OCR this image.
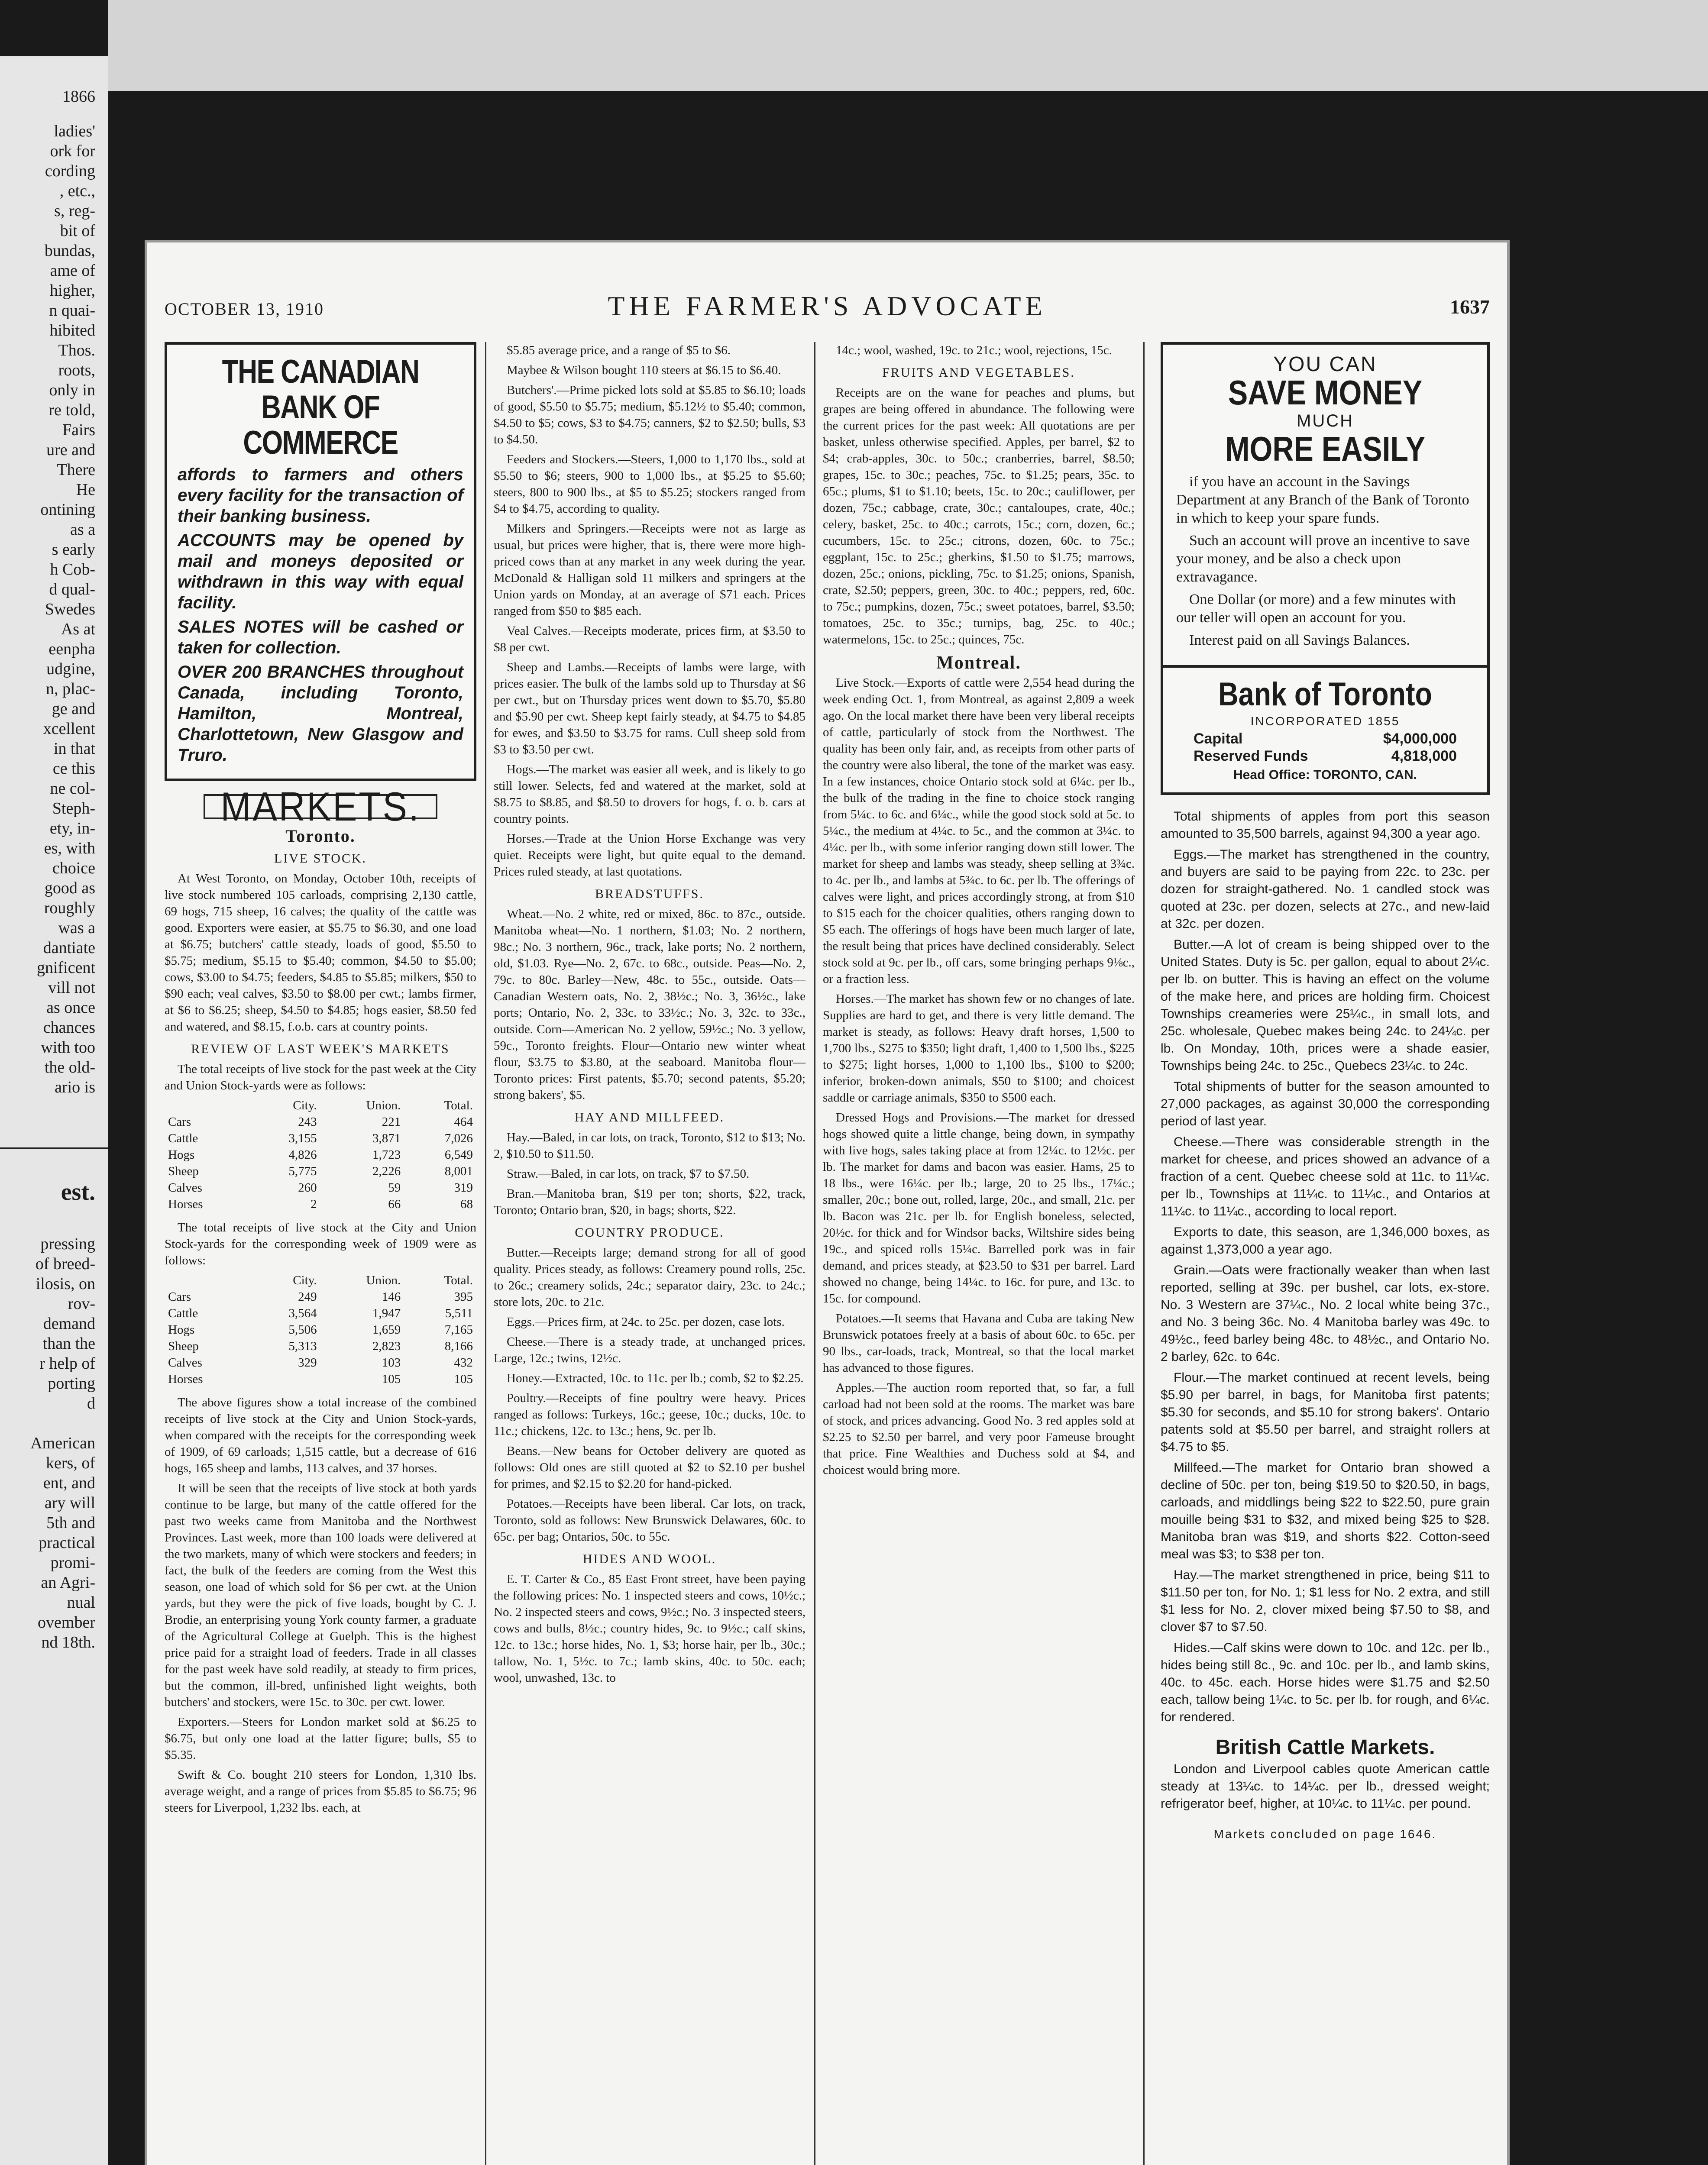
1866
ladies'
ork for
cording
, etc.,
s, reg-
bit of
bundas,
ame of
higher,
n quai-
hibited
Thos.
roots,
only in
re told,
Fairs
ure and
There
He
ontining
as a
s early
h Cob-
d qual-
Swedes
As at
eenpha
udgine,
n, plac-
ge and
xcellent
in that
ce this
ne col-
Steph-
ety, in-
es, with
choice
good as
roughly
was a
dantiate
gnificent
vill not
as once
chances
with too
the old-
ario is
est.
pressing
of breed-
ilosis, on
rov-
demand
than the
r help of
porting
d
American
kers, of
ent, and
ary will
5th and
practical
promi-
an Agri-
nual
ovember
nd 18th.
OCTOBER 13, 1910	THE FARMER'S ADVOCATE	1637
THE CANADIAN BANK OF COMMERCE

affords to farmers and others every facility for the transaction of their banking business.

ACCOUNTS may be opened by mail and moneys deposited or withdrawn in this way with equal facility.

SALES NOTES will be cashed or taken for collection.

OVER 200 BRANCHES throughout Canada, including Toronto, Hamilton, Montreal, Charlottetown, New Glasgow and Truro.

MARKETS.
Toronto.
LIVE STOCK.

At West Toronto, on Monday, October 10th, receipts of live stock numbered 105 carloads, comprising 2,130 cattle, 69 hogs, 715 sheep, 16 calves; the quality of the cattle was good. Exporters were easier, at $5.75 to $6.30, and one load at $6.75; butchers' cattle steady, loads of good, $5.50 to $5.75; medium, $5.15 to $5.40; common, $4.50 to $5.00; cows, $3.00 to $4.75; feeders, $4.85 to $5.85; milkers, $50 to $90 each; veal calves, $3.50 to $8.00 per cwt.; lambs firmer, at $6 to $6.25; sheep, $4.50 to $4.85; hogs easier, $8.50 fed and watered, and $8.15, f.o.b. cars at country points.

REVIEW OF LAST WEEK'S MARKETS

The total receipts of live stock for the past week at the City and Union Stock-yards were as follows:

	City.	Union.	Total.
Cars	243	221	464
Cattle	3,155	3,871	7,026
Hogs	4,826	1,723	6,549
Sheep	5,775	2,226	8,001
Calves	260	59	319
Horses	2	66	68

The total receipts of live stock at the City and Union Stock-yards for the corresponding week of 1909 were as follows:

	City.	Union.	Total.
Cars	249	146	395
Cattle	3,564	1,947	5,511
Hogs	5,506	1,659	7,165
Sheep	5,313	2,823	8,166
Calves	329	103	432
Horses		105	105

The above figures show a total increase of the combined receipts of live stock at the City and Union Stock-yards, when compared with the receipts for the corresponding week of 1909, of 69 carloads; 1,515 cattle, but a decrease of 616 hogs, 165 sheep and lambs, 113 calves, and 37 horses.

It will be seen that the receipts of live stock at both yards continue to be large, but many of the cattle offered for the past two weeks came from Manitoba and the Northwest Provinces. Last week, more than 100 loads were delivered at the two markets, many of which were stockers and feeders; in fact, the bulk of the feeders are coming from the West this season, one load of which sold for $6 per cwt. at the Union yards, but they were the pick of five loads, bought by C. J. Brodie, an enterprising young York county farmer, a graduate of the Agricultural College at Guelph. This is the highest price paid for a straight load of feeders. Trade in all classes for the past week have sold readily, at steady to firm prices, but the common, ill-bred, unfinished light weights, both butchers' and stockers, were 15c. to 30c. per cwt. lower.

Exporters.—Steers for London market sold at $6.25 to $6.75, but only one load at the latter figure; bulls, $5 to $5.35.

Swift & Co. bought 210 steers for London, 1,310 lbs. average weight, and a range of prices from $5.85 to $6.75; 96 steers for Liverpool, 1,232 lbs. each, at

$5.85 average price, and a range of $5 to $6.

Maybee & Wilson bought 110 steers at $6.15 to $6.40.

Butchers'.—Prime picked lots sold at $5.85 to $6.10; loads of good, $5.50 to $5.75; medium, $5.12½ to $5.40; common, $4.50 to $5; cows, $3 to $4.75; canners, $2 to $2.50; bulls, $3 to $4.50.

Feeders and Stockers.—Steers, 1,000 to 1,170 lbs., sold at $5.50 to $6; steers, 900 to 1,000 lbs., at $5.25 to $5.60; steers, 800 to 900 lbs., at $5 to $5.25; stockers ranged from $4 to $4.75, according to quality.

Milkers and Springers.—Receipts were not as large as usual, but prices were higher, that is, there were more high-priced cows than at any market in any week during the year. McDonald & Halligan sold 11 milkers and springers at the Union yards on Monday, at an average of $71 each. Prices ranged from $50 to $85 each.

Veal Calves.—Receipts moderate, prices firm, at $3.50 to $8 per cwt.

Sheep and Lambs.—Receipts of lambs were large, with prices easier. The bulk of the lambs sold up to Thursday at $6 per cwt., but on Thursday prices went down to $5.70, $5.80 and $5.90 per cwt. Sheep kept fairly steady, at $4.75 to $4.85 for ewes, and $3.50 to $3.75 for rams. Cull sheep sold from $3 to $3.50 per cwt.

Hogs.—The market was easier all week, and is likely to go still lower. Selects, fed and watered at the market, sold at $8.75 to $8.85, and $8.50 to drovers for hogs, f. o. b. cars at country points.

Horses.—Trade at the Union Horse Exchange was very quiet. Receipts were light, but quite equal to the demand. Prices ruled steady, at last quotations.

BREADSTUFFS.

Wheat.—No. 2 white, red or mixed, 86c. to 87c., outside. Manitoba wheat—No. 1 northern, $1.03; No. 2 northern, 98c.; No. 3 northern, 96c., track, lake ports; No. 2 northern, old, $1.03. Rye—No. 2, 67c. to 68c., outside. Peas—No. 2, 79c. to 80c. Barley—New, 48c. to 55c., outside. Oats—Canadian Western oats, No. 2, 38½c.; No. 3, 36½c., lake ports; Ontario, No. 2, 33c. to 33½c.; No. 3, 32c. to 33c., outside. Corn—American No. 2 yellow, 59½c.; No. 3 yellow, 59c., Toronto freights. Flour—Ontario new winter wheat flour, $3.75 to $3.80, at the seaboard. Manitoba flour—Toronto prices: First patents, $5.70; second patents, $5.20; strong bakers', $5.

HAY AND MILLFEED.

Hay.—Baled, in car lots, on track, Toronto, $12 to $13; No. 2, $10.50 to $11.50.

Straw.—Baled, in car lots, on track, $7 to $7.50.

Bran.—Manitoba bran, $19 per ton; shorts, $22, track, Toronto; Ontario bran, $20, in bags; shorts, $22.

COUNTRY PRODUCE.

Butter.—Receipts large; demand strong for all of good quality. Prices steady, as follows: Creamery pound rolls, 25c. to 26c.; creamery solids, 24c.; separator dairy, 23c. to 24c.; store lots, 20c. to 21c.

Eggs.—Prices firm, at 24c. to 25c. per dozen, case lots.

Cheese.—There is a steady trade, at unchanged prices. Large, 12c.; twins, 12½c.

Honey.—Extracted, 10c. to 11c. per lb.; comb, $2 to $2.25.

Poultry.—Receipts of fine poultry were heavy. Prices ranged as follows: Turkeys, 16c.; geese, 10c.; ducks, 10c. to 11c.; chickens, 12c. to 13c.; hens, 9c. per lb.

Beans.—New beans for October delivery are quoted as follows: Old ones are still quoted at $2 to $2.10 per bushel for primes, and $2.15 to $2.20 for hand-picked.

Potatoes.—Receipts have been liberal. Car lots, on track, Toronto, sold as follows: New Brunswick Delawares, 60c. to 65c. per bag; Ontarios, 50c. to 55c.

HIDES AND WOOL.

E. T. Carter & Co., 85 East Front street, have been paying the following prices: No. 1 inspected steers and cows, 10½c.; No. 2 inspected steers and cows, 9½c.; No. 3 inspected steers, cows and bulls, 8½c.; country hides, 9c. to 9½c.; calf skins, 12c. to 13c.; horse hides, No. 1, $3; horse hair, per lb., 30c.; tallow, No. 1, 5½c. to 7c.; lamb skins, 40c. to 50c. each; wool, unwashed, 13c. to

14c.; wool, washed, 19c. to 21c.; wool, rejections, 15c.

FRUITS AND VEGETABLES.

Receipts are on the wane for peaches and plums, but grapes are being offered in abundance. The following were the current prices for the past week: All quotations are per basket, unless otherwise specified. Apples, per barrel, $2 to $4; crab-apples, 30c. to 50c.; cranberries, barrel, $8.50; grapes, 15c. to 30c.; peaches, 75c. to $1.25; pears, 35c. to 65c.; plums, $1 to $1.10; beets, 15c. to 20c.; cauliflower, per dozen, 75c.; cabbage, crate, 30c.; cantaloupes, crate, 40c.; celery, basket, 25c. to 40c.; carrots, 15c.; corn, dozen, 6c.; cucumbers, 15c. to 25c.; citrons, dozen, 60c. to 75c.; eggplant, 15c. to 25c.; gherkins, $1.50 to $1.75; marrows, dozen, 25c.; onions, pickling, 75c. to $1.25; onions, Spanish, crate, $2.50; peppers, green, 30c. to 40c.; peppers, red, 60c. to 75c.; pumpkins, dozen, 75c.; sweet potatoes, barrel, $3.50; tomatoes, 25c. to 35c.; turnips, bag, 25c. to 40c.; watermelons, 15c. to 25c.; quinces, 75c.

Montreal.

Live Stock.—Exports of cattle were 2,554 head during the week ending Oct. 1, from Montreal, as against 2,809 a week ago. On the local market there have been very liberal receipts of cattle, particularly of stock from the Northwest. The quality has been only fair, and, as receipts from other parts of the country were also liberal, the tone of the market was easy. In a few instances, choice Ontario stock sold at 6¼c. per lb., the bulk of the trading in the fine to choice stock ranging from 5¼c. to 6c. and 6¼c., while the good stock sold at 5c. to 5¼c., the medium at 4¼c. to 5c., and the common at 3¼c. to 4¼c. per lb., with some inferior ranging down still lower. The market for sheep and lambs was steady, sheep selling at 3¾c. to 4c. per lb., and lambs at 5¾c. to 6c. per lb. The offerings of calves were light, and prices accordingly strong, at from $10 to $15 each for the choicer qualities, others ranging down to $5 each. The offerings of hogs have been much larger of late, the result being that prices have declined considerably. Select stock sold at 9c. per lb., off cars, some bringing perhaps 9⅛c., or a fraction less.

Horses.—The market has shown few or no changes of late. Supplies are hard to get, and there is very little demand. The market is steady, as follows: Heavy draft horses, 1,500 to 1,700 lbs., $275 to $350; light draft, 1,400 to 1,500 lbs., $225 to $275; light horses, 1,000 to 1,100 lbs., $100 to $200; inferior, broken-down animals, $50 to $100; and choicest saddle or carriage animals, $350 to $500 each.

Dressed Hogs and Provisions.—The market for dressed hogs showed quite a little change, being down, in sympathy with live hogs, sales taking place at from 12¼c. to 12½c. per lb. The market for dams and bacon was easier. Hams, 25 to 18 lbs., were 16¼c. per lb.; large, 20 to 25 lbs., 17¼c.; smaller, 20c.; bone out, rolled, large, 20c., and small, 21c. per lb. Bacon was 21c. per lb. for English boneless, selected, 20½c. for thick and for Windsor backs, Wiltshire sides being 19c., and spiced rolls 15¼c. Barrelled pork was in fair demand, and prices steady, at $23.50 to $31 per barrel. Lard showed no change, being 14¼c. to 16c. for pure, and 13c. to 15c. for compound.

Potatoes.—It seems that Havana and Cuba are taking New Brunswick potatoes freely at a basis of about 60c. to 65c. per 90 lbs., car-loads, track, Montreal, so that the local market has advanced to those figures.

Apples.—The auction room reported that, so far, a full carload had not been sold at the rooms. The market was bare of stock, and prices advancing. Good No. 3 red apples sold at $2.25 to $2.50 per barrel, and very poor Fameuse brought that price. Fine Wealthies and Duchess sold at $4, and choicest would bring more.

YOU CAN
SAVE MONEY
MUCH
MORE EASILY

if you have an account in the Savings Department at any Branch of the Bank of Toronto in which to keep your spare funds.

Such an account will prove an incentive to save your money, and be also a check upon extravagance.

One Dollar (or more) and a few minutes with our teller will open an account for you.

Interest paid on all Savings Balances.

Bank of Toronto
INCORPORATED 1855
Capital	$4,000,000
Reserved Funds	4,818,000
Head Office: TORONTO, CAN.

Total shipments of apples from port this season amounted to 35,500 barrels, against 94,300 a year ago.

Eggs.—The market has strengthened in the country, and buyers are said to be paying from 22c. to 23c. per dozen for straight-gathered. No. 1 candled stock was quoted at 23c. per dozen, selects at 27c., and new-laid at 32c. per dozen.

Butter.—A lot of cream is being shipped over to the United States. Duty is 5c. per gallon, equal to about 2¼c. per lb. on butter. This is having an effect on the volume of the make here, and prices are holding firm. Choicest Townships creameries were 25¼c., in small lots, and 25c. wholesale, Quebec makes being 24c. to 24¼c. per lb. On Monday, 10th, prices were a shade easier, Townships being 24c. to 25c., Quebecs 23¼c. to 24c.

Total shipments of butter for the season amounted to 27,000 packages, as against 30,000 the corresponding period of last year.

Cheese.—There was considerable strength in the market for cheese, and prices showed an advance of a fraction of a cent. Quebec cheese sold at 11c. to 11¼c. per lb., Townships at 11¼c. to 11¼c., and Ontarios at 11¼c. to 11¼c., according to local report.

Exports to date, this season, are 1,346,000 boxes, as against 1,373,000 a year ago.

Grain.—Oats were fractionally weaker than when last reported, selling at 39c. per bushel, car lots, ex-store. No. 3 Western are 37¼c., No. 2 local white being 37c., and No. 3 being 36c. No. 4 Manitoba barley was 49c. to 49½c., feed barley being 48c. to 48½c., and Ontario No. 2 barley, 62c. to 64c.

Flour.—The market continued at recent levels, being $5.90 per barrel, in bags, for Manitoba first patents; $5.30 for seconds, and $5.10 for strong bakers'. Ontario patents sold at $5.50 per barrel, and straight rollers at $4.75 to $5.

Millfeed.—The market for Ontario bran showed a decline of 50c. per ton, being $19.50 to $20.50, in bags, carloads, and middlings being $22 to $22.50, pure grain mouille being $31 to $32, and mixed being $25 to $28. Manitoba bran was $19, and shorts $22. Cotton-seed meal was $3; to $38 per ton.

Hay.—The market strengthened in price, being $11 to $11.50 per ton, for No. 1; $1 less for No. 2 extra, and still $1 less for No. 2, clover mixed being $7.50 to $8, and clover $7 to $7.50.

Hides.—Calf skins were down to 10c. and 12c. per lb., hides being still 8c., 9c. and 10c. per lb., and lamb skins, 40c. to 45c. each. Horse hides were $1.75 and $2.50 each, tallow being 1¼c. to 5c. per lb. for rough, and 6¼c. for rendered.

British Cattle Markets.

London and Liverpool cables quote American cattle steady at 13¼c. to 14¼c. per lb., dressed weight; refrigerator beef, higher, at 10¼c. to 11¼c. per pound.

Markets concluded on page 1646.
